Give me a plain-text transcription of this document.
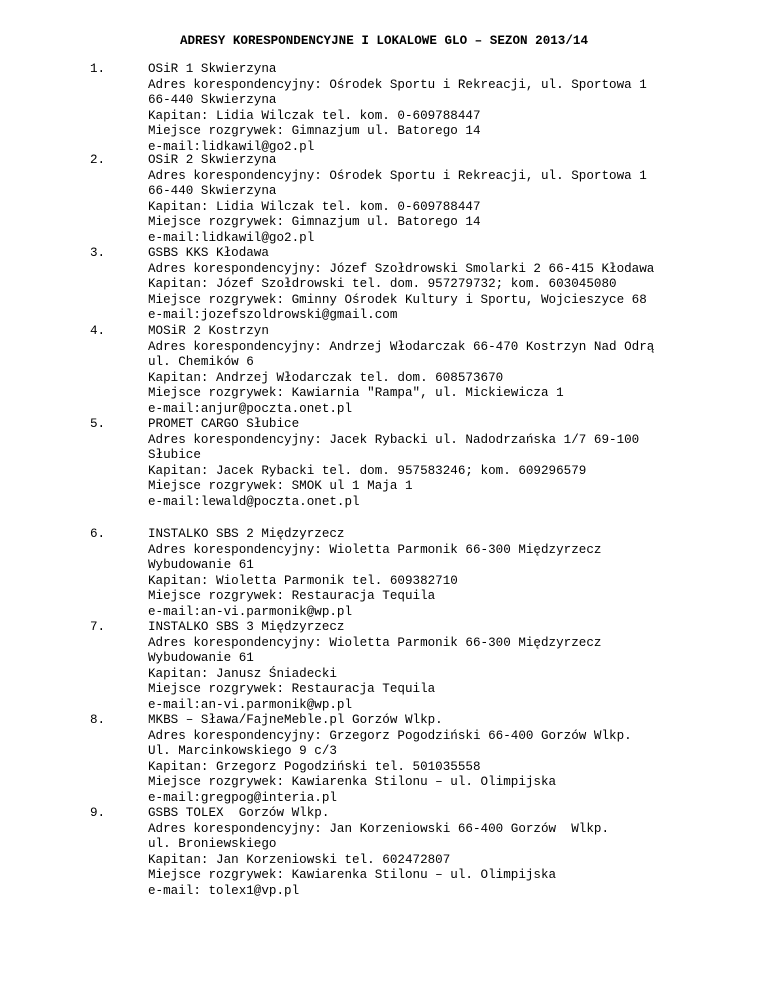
ADRESY KORESPONDENCYJNE I LOKALOWE GLO – SEZON 2013/14
1.	OSiR 1 Skwierzyna
Adres korespondencyjny: Ośrodek Sportu i Rekreacji, ul. Sportowa 1
66-440 Skwierzyna
Kapitan: Lidia Wilczak tel. kom. 0-609788447
Miejsce rozgrywek: Gimnazjum ul. Batorego 14
e-mail:lidkawil@go2.pl
2.	OSiR 2 Skwierzyna
Adres korespondencyjny: Ośrodek Sportu i Rekreacji, ul. Sportowa 1
66-440 Skwierzyna
Kapitan: Lidia Wilczak tel. kom. 0-609788447
Miejsce rozgrywek: Gimnazjum ul. Batorego 14
e-mail:lidkawil@go2.pl
3.	GSBS KKS Kłodawa
Adres korespondencyjny: Józef Szołdrowski Smolarki 2 66-415 Kłodawa
Kapitan: Józef Szołdrowski tel. dom. 957279732; kom. 603045080
Miejsce rozgrywek: Gminny Ośrodek Kultury i Sportu, Wojcieszyce 68
e-mail:jozefszoldrowski@gmail.com
4.	MOSiR 2 Kostrzyn
Adres korespondencyjny: Andrzej Włodarczak 66-470 Kostrzyn Nad Odrą
ul. Chemików 6
Kapitan: Andrzej Włodarczak tel. dom. 608573670
Miejsce rozgrywek: Kawiarnia "Rampa", ul. Mickiewicza 1
e-mail:anjur@poczta.onet.pl
5.	PROMET CARGO Słubice
Adres korespondencyjny: Jacek Rybacki ul. Nadodrzańska 1/7 69-100
Słubice
Kapitan: Jacek Rybacki tel. dom. 957583246; kom. 609296579
Miejsce rozgrywek: SMOK ul 1 Maja 1
e-mail:lewald@poczta.onet.pl
6.	INSTALKO SBS 2 Międzyrzecz
Adres korespondencyjny: Wioletta Parmonik 66-300 Międzyrzecz
Wybudowanie 61
Kapitan: Wioletta Parmonik tel. 609382710
Miejsce rozgrywek: Restauracja Tequila
e-mail:an-vi.parmonik@wp.pl
7.	INSTALKO SBS 3 Międzyrzecz
Adres korespondencyjny: Wioletta Parmonik 66-300 Międzyrzecz
Wybudowanie 61
Kapitan: Janusz Śniadecki
Miejsce rozgrywek: Restauracja Tequila
e-mail:an-vi.parmonik@wp.pl
8.	MKBS – Sława/FajneMeble.pl Gorzów Wlkp.
Adres korespondencyjny: Grzegorz Pogodziński 66-400 Gorzów Wlkp.
Ul. Marcinkowskiego 9 c/3
Kapitan: Grzegorz Pogodziński tel. 501035558
Miejsce rozgrywek: Kawiarenka Stilonu – ul. Olimpijska
e-mail:gregpog@interia.pl
9.	GSBS TOLEX  Gorzów Wlkp.
Adres korespondencyjny: Jan Korzeniowski 66-400 Gorzów  Wlkp.
ul. Broniewskiego
Kapitan: Jan Korzeniowski tel. 602472807
Miejsce rozgrywek: Kawiarenka Stilonu – ul. Olimpijska
e-mail: tolex1@vp.pl
